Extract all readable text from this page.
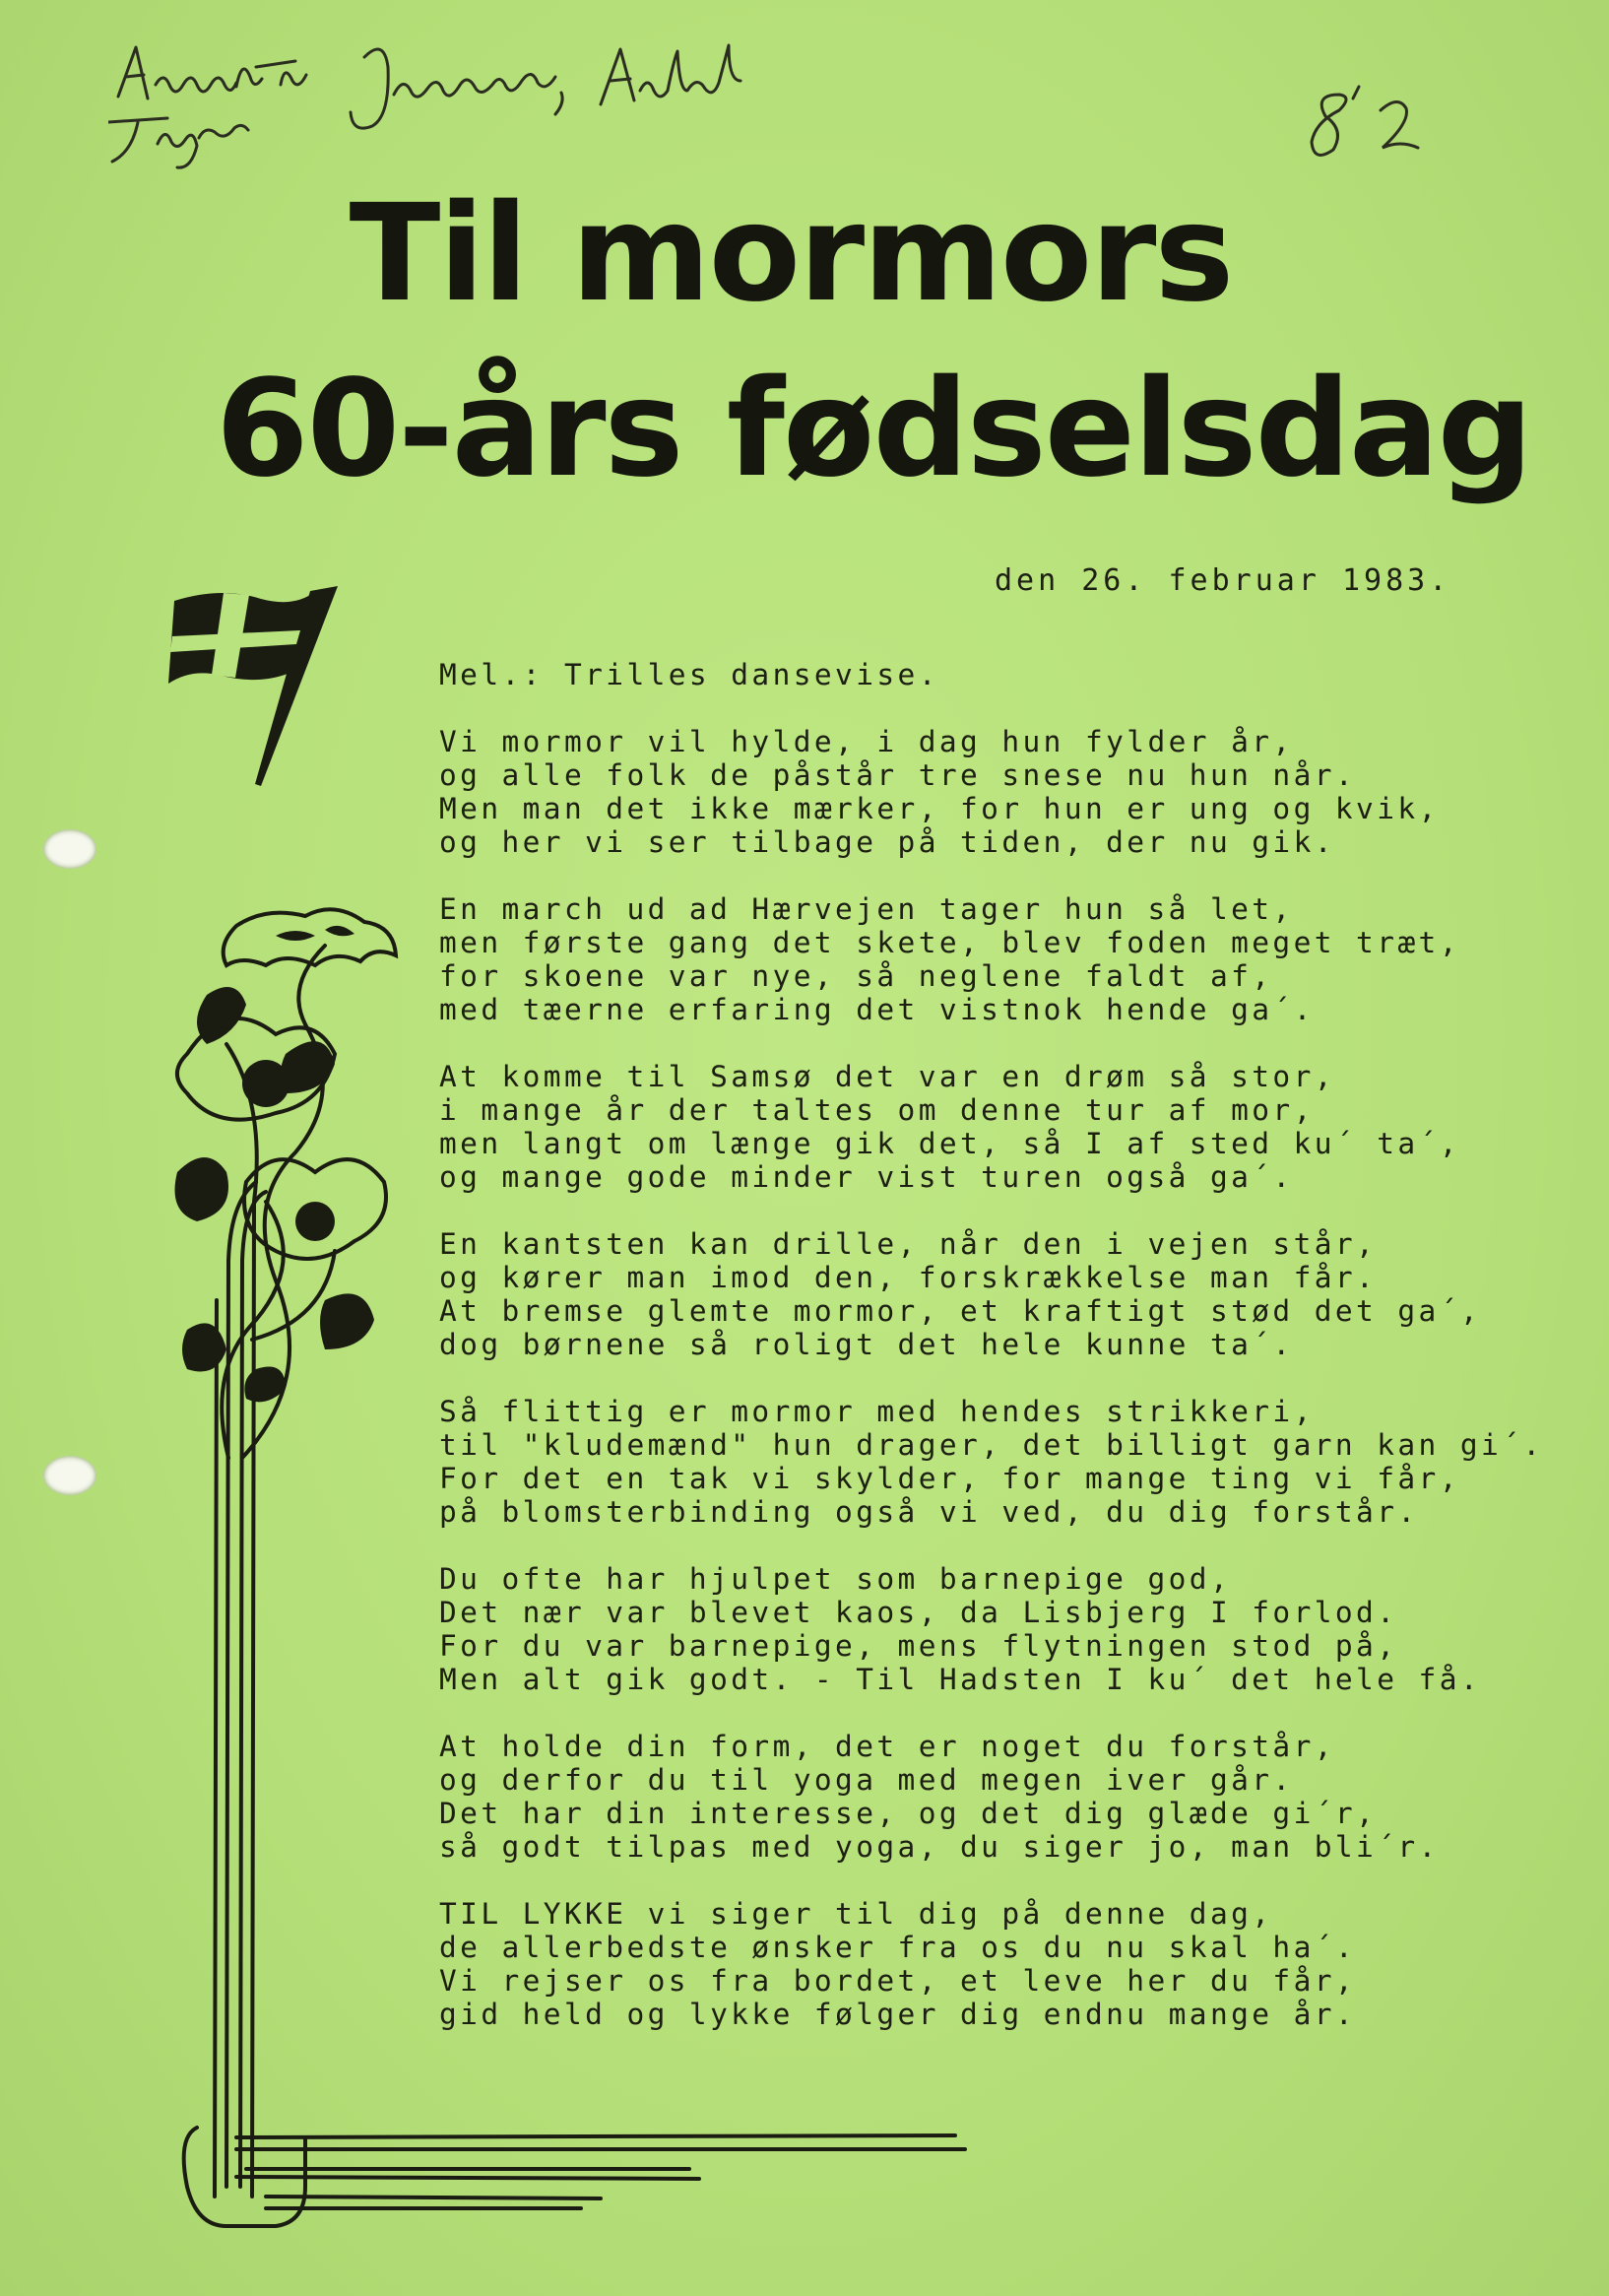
Til mormors
60-års fødselsdag
den 26. februar 1983.
Mel.: Trilles dansevise.
Vi mormor vil hylde, i dag hun fylder år,
og alle folk de påstår tre snese nu hun når.
Men man det ikke mærker, for hun er ung og kvik,
og her vi ser tilbage på tiden, der nu gik.
En march ud ad Hærvejen tager hun så let,
men første gang det skete, blev foden meget træt,
for skoene var nye, så neglene faldt af,
med tæerne erfaring det vistnok hende ga´.
At komme til Samsø det var en drøm så stor,
i mange år der taltes om denne tur af mor,
men langt om længe gik det, så I af sted ku´ ta´,
og mange gode minder vist turen også ga´.
En kantsten kan drille, når den i vejen står,
og kører man imod den, forskrækkelse man får.
At bremse glemte mormor, et kraftigt stød det ga´,
dog børnene så roligt det hele kunne ta´.
Så flittig er mormor med hendes strikkeri,
til "kludemænd" hun drager, det billigt garn kan gi´.
For det en tak vi skylder, for mange ting vi får,
på blomsterbinding også vi ved, du dig forstår.
Du ofte har hjulpet som barnepige god,
Det nær var blevet kaos, da Lisbjerg I forlod.
For du var barnepige, mens flytningen stod på,
Men alt gik godt. - Til Hadsten I ku´ det hele få.
At holde din form, det er noget du forstår,
og derfor du til yoga med megen iver går.
Det har din interesse, og det dig glæde gi´r,
så godt tilpas med yoga, du siger jo, man bli´r.
TIL LYKKE vi siger til dig på denne dag,
de allerbedste ønsker fra os du nu skal ha´.
Vi rejser os fra bordet, et leve her du får,
gid held og lykke følger dig endnu mange år.
